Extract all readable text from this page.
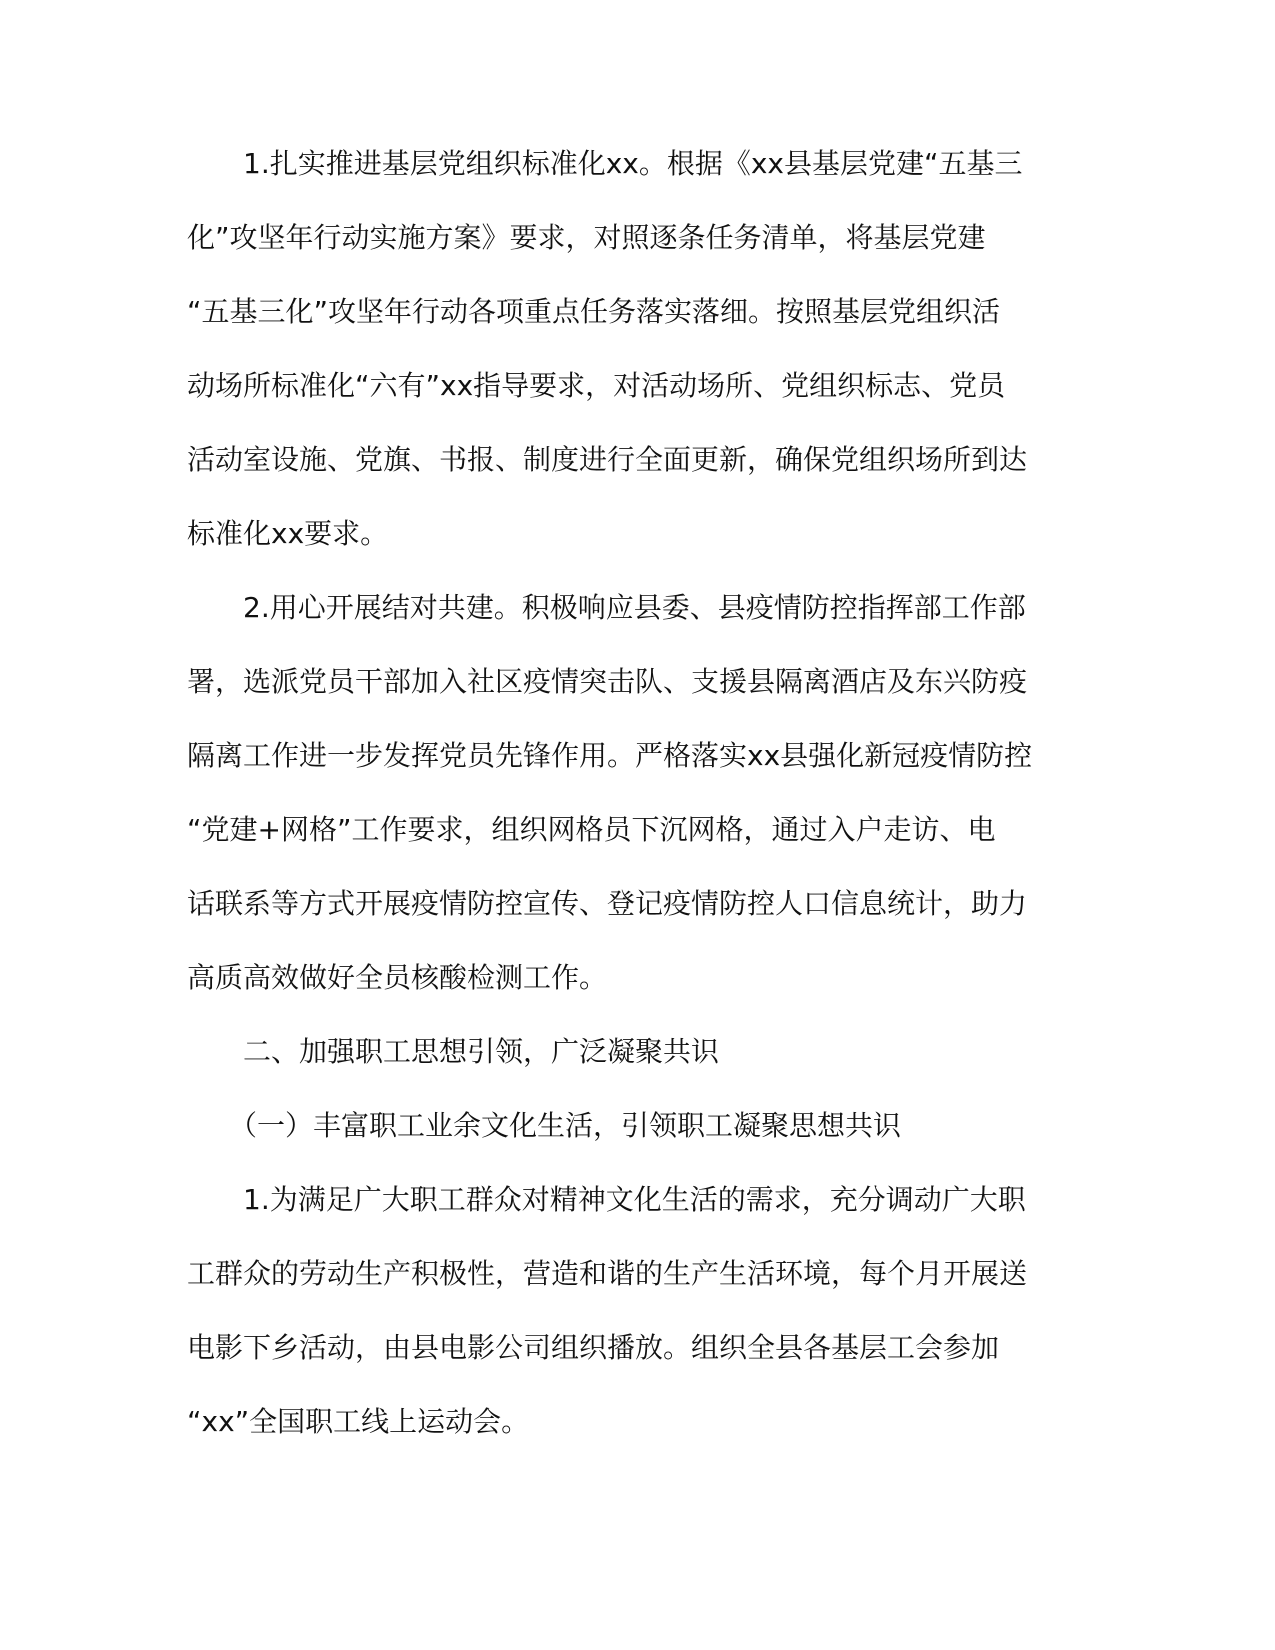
　　1.扎实推进基层党组织标准化xx。根据《xx县基层党建“五基三
化”攻坚年行动实施方案》要求，对照逐条任务清单，将基层党建
“五基三化”攻坚年行动各项重点任务落实落细。按照基层党组织活
动场所标准化“六有”xx指导要求，对活动场所、党组织标志、党员
活动室设施、党旗、书报、制度进行全面更新，确保党组织场所到达
标准化xx要求。
　　2.用心开展结对共建。积极响应县委、县疫情防控指挥部工作部
署，选派党员干部加入社区疫情突击队、支援县隔离酒店及东兴防疫
隔离工作进一步发挥党员先锋作用。严格落实xx县强化新冠疫情防控
“党建+网格”工作要求，组织网格员下沉网格，通过入户走访、电
话联系等方式开展疫情防控宣传、登记疫情防控人口信息统计，助力
高质高效做好全员核酸检测工作。
　　二、加强职工思想引领，广泛凝聚共识
　　（一）丰富职工业余文化生活，引领职工凝聚思想共识
　　1.为满足广大职工群众对精神文化生活的需求，充分调动广大职
工群众的劳动生产积极性，营造和谐的生产生活环境，每个月开展送
电影下乡活动，由县电影公司组织播放。组织全县各基层工会参加
“xx”全国职工线上运动会。
